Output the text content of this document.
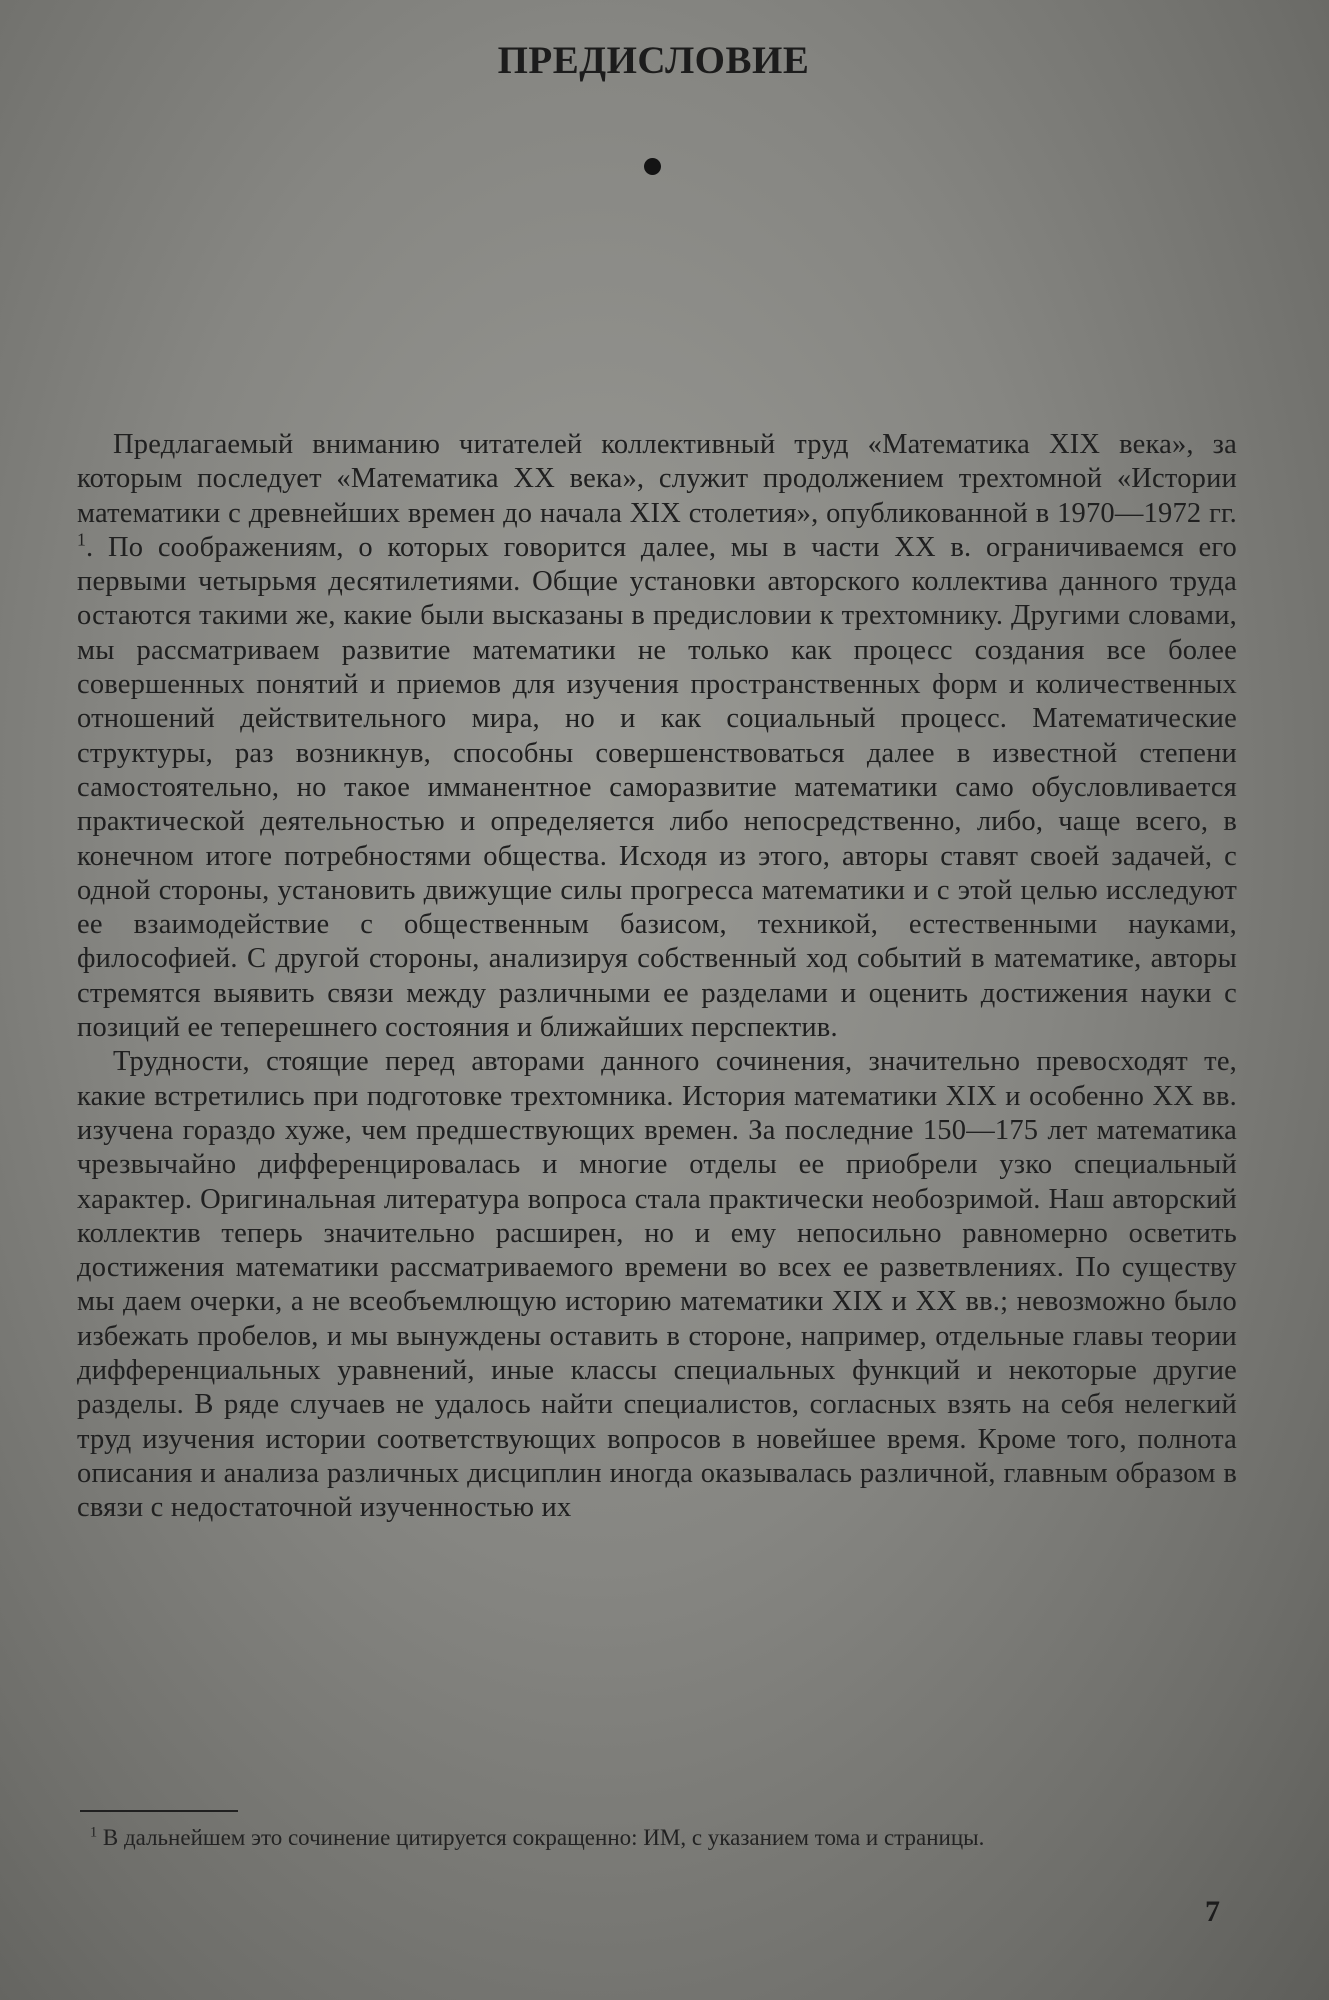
ПРЕДИСЛОВИЕ

Предлагаемый вниманию читателей коллективный труд «Математика XIX века», за которым последует «Математика XX века», служит продолжением трехтомной «Истории математики с древнейших времен до начала XIX столетия», опубликованной в 1970—1972 гг. $^1$. По соображениям, о которых говорится далее, мы в части XX в. ограничиваемся его первыми четырьмя десятилетиями. Общие установки авторского коллектива данного труда остаются такими же, какие были высказаны в предисловии к трехтомнику. Другими словами, мы рассматриваем развитие математики не только как процесс создания все более совершенных понятий и приемов для изучения пространственных форм и количественных отношений действительного мира, но и как социальный процесс. Математические структуры, раз возникнув, способны совершенствоваться далее в известной степени самостоятельно, но такое имманентное саморазвитие математики само обусловливается практической деятельностью и определяется либо непосредственно, либо, чаще всего, в конечном итоге потребностями общества. Исходя из этого, авторы ставят своей задачей, с одной стороны, установить движущие силы прогресса математики и с этой целью исследуют ее взаимодействие с общественным базисом, техникой, естественными науками, философией. С другой стороны, анализируя собственный ход событий в математике, авторы стремятся выявить связи между различными ее разделами и оценить достижения науки с позиций ее теперешнего состояния и ближайших перспектив.

Трудности, стоящие перед авторами данного сочинения, значительно превосходят те, какие встретились при подготовке трехтомника. История математики XIX и особенно XX вв. изучена гораздо хуже, чем предшествующих времен. За последние 150—175 лет математика чрезвычайно дифференцировалась и многие отделы ее приобрели узко специальный характер. Оригинальная литература вопроса стала практически необозримой. Наш авторский коллектив теперь значительно расширен, но и ему непосильно равномерно осветить достижения математики рассматриваемого времени во всех ее разветвлениях. По существу мы даем очерки, а не всеобъемлющую историю математики XIX и XX вв.; невозможно было избежать пробелов, и мы вынуждены оставить в стороне, например, отдельные главы теории дифференциальных уравнений, иные классы специальных функций и некоторые другие разделы. В ряде случаев не удалось найти специалистов, согласных взять на себя нелегкий труд изучения истории соответствующих вопросов в новейшее время. Кроме того, полнота описания и анализа различных дисциплин иногда оказывалась различной, главным образом в связи с недостаточной изученностью их

$^1$ В дальнейшем это сочинение цитируется сокращенно: ИМ, с указанием тома и страницы.

7
